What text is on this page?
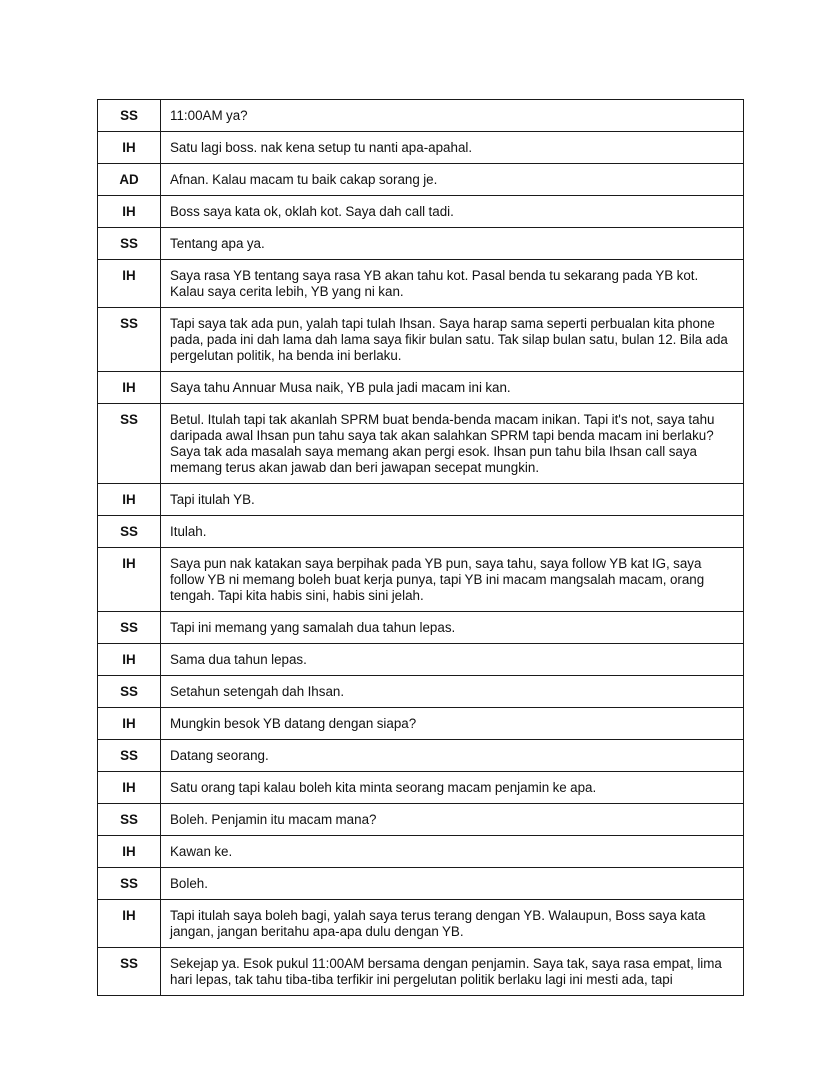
SS	11:00AM ya?
IH	Satu lagi boss. nak kena setup tu nanti apa-apahal.
AD	Afnan. Kalau macam tu baik cakap sorang je.
IH	Boss saya kata ok, oklah kot. Saya dah call tadi.
SS	Tentang apa ya.
IH	Saya rasa YB tentang saya rasa YB akan tahu kot. Pasal benda tu sekarang pada YB kot. Kalau saya cerita lebih, YB yang ni kan.
SS	Tapi saya tak ada pun, yalah tapi tulah Ihsan. Saya harap sama seperti perbualan kita phone pada, pada ini dah lama dah lama saya fikir bulan satu. Tak silap bulan satu, bulan 12. Bila ada pergelutan politik, ha benda ini berlaku.
IH	Saya tahu Annuar Musa naik, YB pula jadi macam ini kan.
SS	Betul. Itulah tapi tak akanlah SPRM buat benda-benda macam inikan. Tapi it's not, saya tahu daripada awal Ihsan pun tahu saya tak akan salahkan SPRM tapi benda macam ini berlaku? Saya tak ada masalah saya memang akan pergi esok. Ihsan pun tahu bila Ihsan call saya memang terus akan jawab dan beri jawapan secepat mungkin.
IH	Tapi itulah YB.
SS	Itulah.
IH	Saya pun nak katakan saya berpihak pada YB pun, saya tahu, saya follow YB kat IG, saya follow YB ni memang boleh buat kerja punya, tapi YB ini macam mangsalah macam, orang tengah. Tapi kita habis sini, habis sini jelah.
SS	Tapi ini memang yang samalah dua tahun lepas.
IH	Sama dua tahun lepas.
SS	Setahun setengah dah Ihsan.
IH	Mungkin besok YB datang dengan siapa?
SS	Datang seorang.
IH	Satu orang tapi kalau boleh kita minta seorang macam penjamin ke apa.
SS	Boleh. Penjamin itu macam mana?
IH	Kawan ke.
SS	Boleh.
IH	Tapi itulah saya boleh bagi, yalah saya terus terang dengan YB. Walaupun, Boss saya kata jangan, jangan beritahu apa-apa dulu dengan YB.
SS	Sekejap ya. Esok pukul 11:00AM bersama dengan penjamin. Saya tak, saya rasa empat, lima hari lepas, tak tahu tiba-tiba terfikir ini pergelutan politik berlaku lagi ini mesti ada, tapi
